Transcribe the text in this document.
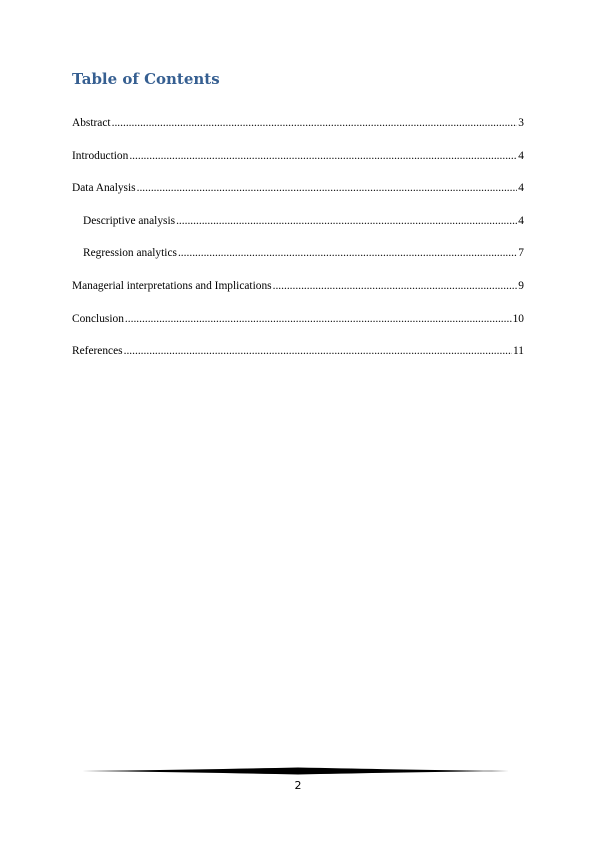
Table of Contents
Abstract .....	3
Introduction .....	4
Data Analysis .....	4
Descriptive analysis .....	4
Regression analytics .....	7
Managerial interpretations and Implications .....	9
Conclusion .....	10
References .....	11
2
